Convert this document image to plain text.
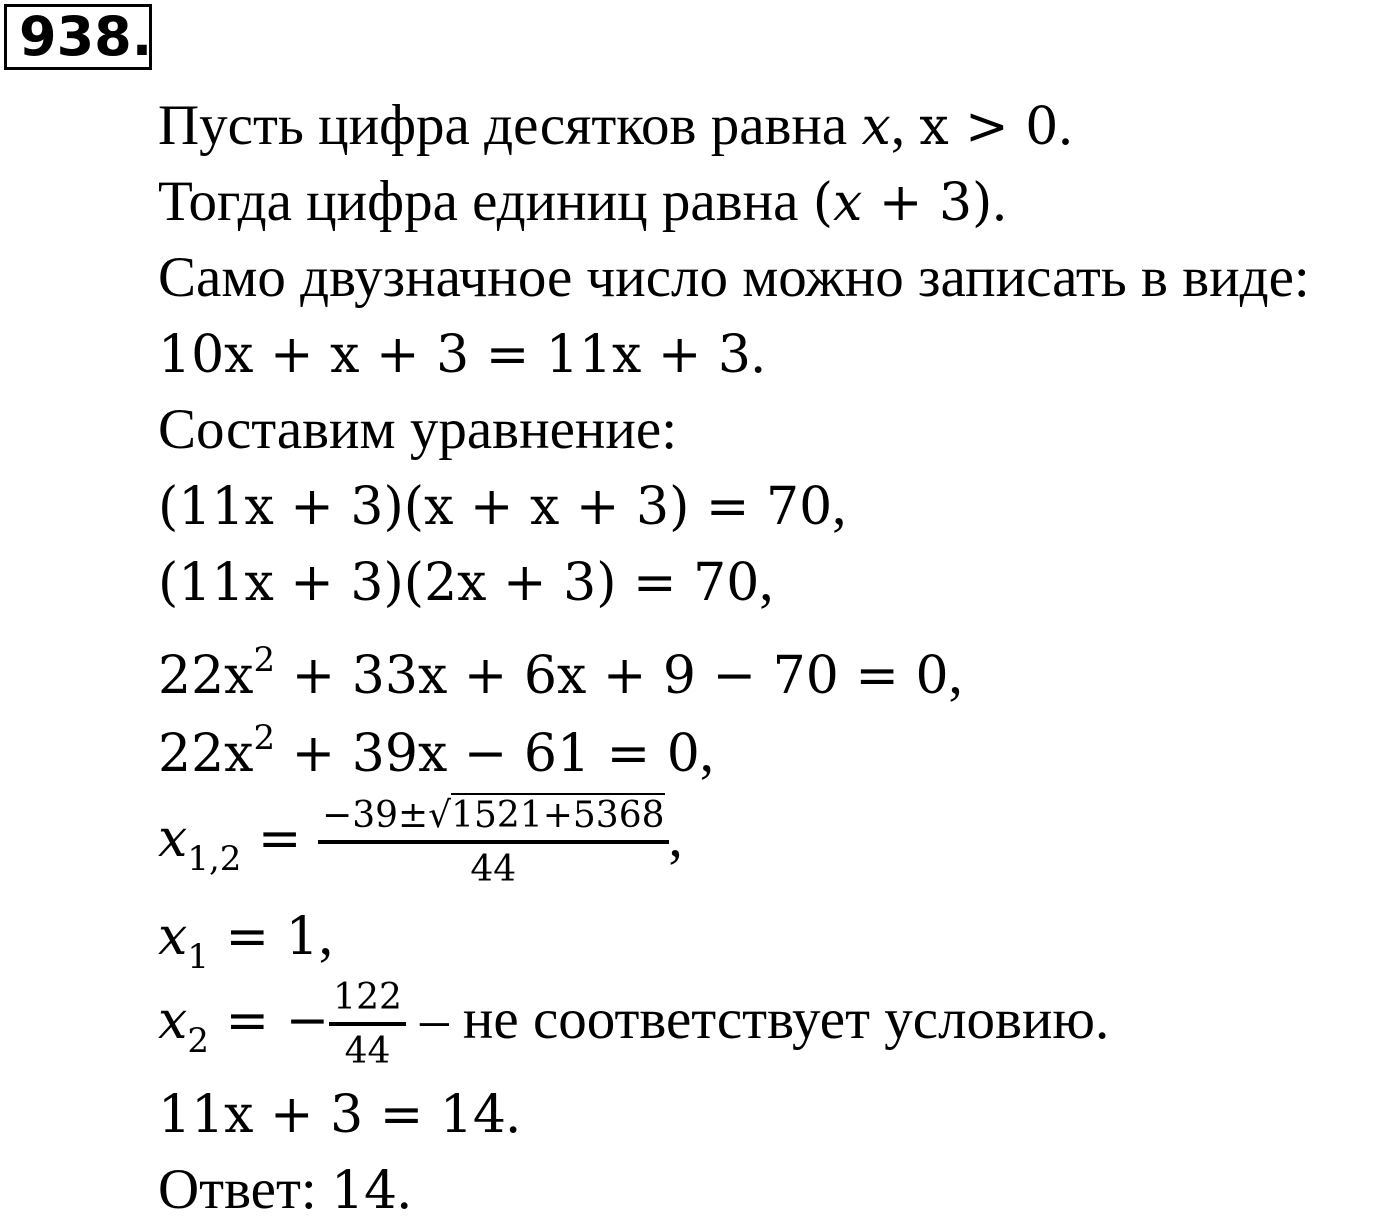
938.
Пусть цифра десятков равна x, x > 0.
Тогда цифра единиц равна (x + 3).
Само двузначное число можно записать в виде:
10x + x + 3 = 11x + 3.
Составим уравнение:
(11x + 3)(x + x + 3) = 70,
(11x + 3)(2x + 3) = 70,
$22x^2 + 33x + 6x + 9 - 70 = 0$,
$22x^2 + 39x - 61 = 0$,
$x_{1,2} = \frac{-39\pm√1521+5368}{44}$ ,
$x_1 = 1$,
$x_2$ = − $\frac{122}{44}$ – не соответствует условию.
11x + 3 = 14.
Ответ: 14.
